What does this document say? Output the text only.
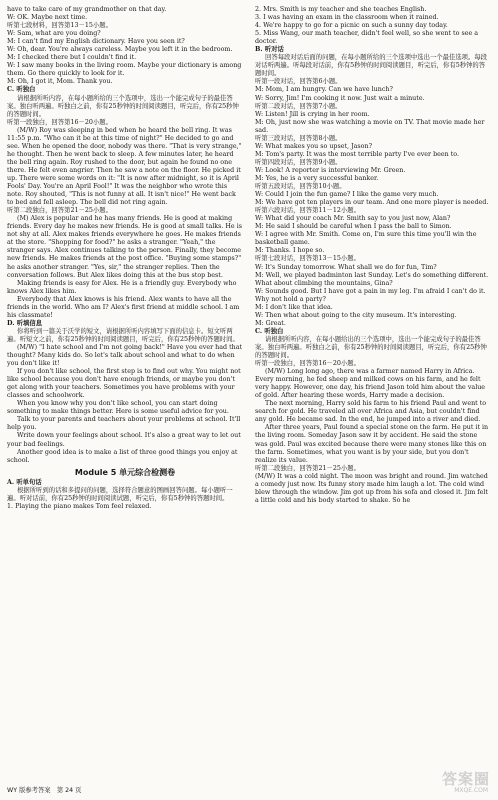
have to take care of my grandmother on that day.

W: OK. Maybe next time.

听第七段材料，回答第13－15小题。

W: Sam, what are you doing?

M: I can't find my English dictionary. Have you seen it?

W: Oh, dear. You're always careless. Maybe you left it in the bedroom.

M: I checked there but I couldn't find it.

W: I saw many books in the living room. Maybe your dictionary is among them. Go there quickly to look for it.

M: Oh, I got it, Mom. Thank you.

C. 听独白

请根据所听内容，在每小题所给的三个选项中，选出一个能完成句子的最佳答案。独白听两遍。听独白之前，你有25秒钟的时间阅读题目，听完后，你有25秒钟的答题时间。

听第一段独白，回答第16－20小题。

(M/W) Roy was sleeping in bed when he heard the bell ring. It was 11:55 p.m. "Who can it be at this time of night?" He decided to go and see. When he opened the door, nobody was there. "That is very strange," he thought. Then he went back to sleep. A few minutes later, he heard the bell ring again. Roy rushed to the door, but again he found no one there. He felt even angrier. Then he saw a note on the floor. He picked it up. There were some words on it: "It is now after midnight, so it is April Fools' Day. You're an April Fool!" It was the neighbor who wrote this note. Roy shouted, "This is not funny at all. It isn't nice!" He went back to bed and fell asleep. The bell did not ring again.

听第二段独白，回答第21－25小题。

(M) Alex is popular and he has many friends. He is good at making friends. Every day he makes new friends. He is good at small talks. He is not shy at all. Alex makes friends everywhere he goes. He makes friends at the store. "Shopping for food?" he asks a stranger. "Yeah," the stranger says. Alex continues talking to the person. Finally, they become new friends. He makes friends at the post office. "Buying some stamps?" he asks another stranger. "Yes, sir," the stranger replies. Then the conversation follows. But Alex likes doing this at the bus stop best.

Making friends is easy for Alex. He is a friendly guy. Everybody who knows Alex likes him.

Everybody that Alex knows is his friend. Alex wants to have all the friends in the world. Who am I? Alex's first friend at middle school. I am his classmate!

D. 听填信息

你将听到一篇关于沃学的短文，请根据所听内容填写下面的信息卡。短文听两遍。听短文之前，你有25秒钟的时间阅读题目，听完后，你有25秒钟的答题时间。

(M/W) "I hate school and I'm not going back!" Have you ever had that thought? Many kids do. So let's talk about school and what to do when you don't like it!

If you don't like school, the first step is to find out why. You might not like school because you don't have enough friends, or maybe you don't get along with your teachers. Sometimes you have problems with your classes and schoolwork.

When you know why you don't like school, you can start doing something to make things better. Here is some useful advice for you.

Talk to your parents and teachers about your problems at school. It'll help you.

Write down your feelings about school. It's also a great way to let out your bad feelings.

Another good idea is to make a list of three good things you enjoy at school.

Module 5 单元综合检测卷

A. 听单句话

根据所听到的话和多提问的问题，选择符合题意的图画回答问题。每小题听一遍。听对话前，你有25秒钟的时间阅读试题，听完后，你有5秒钟的答题时间。

1. Playing the piano makes Tom feel relaxed.

2. Mrs. Smith is my teacher and she teaches English.

3. I was having an exam in the classroom when it rained.

4. We're happy to go for a picnic on such a sunny day today.

5. Miss Wang, our math teacher, didn't feel well, so she went to see a doctor.

B. 听对话

回答每段对话后面的问题，在每小题所给的三个选项中选出一个最佳选项。每段对话听两遍。听每段对话前，你有5秒钟的时间阅读题目，听完后，你有5秒钟的答题时间。

听第一段对话，回答第6小题。

M: Mom, I am hungry. Can we have lunch?

W: Sorry, Jim! I'm cooking it now. Just wait a minute.

听第二段对话，回答第7小题。

W: Listen! Jill is crying in her room.

M: Oh, just now she was watching a movie on TV. That movie made her sad.

听第三段对话，回答第8小题。

W: What makes you so upset, Jason?

M: Tom's party. It was the most terrible party I've ever been to.

听第四段对话，回答第9小题。

W: Look! A reporter is interviewing Mr. Green.

M: Yes, he is a very successful banker.

听第五段对话，回答第10小题。

W: Could I join the fun game? I like the game very much.

M: We have got ten players in our team. And one more player is needed.

听第六段对话，回答第11－12小题。

W: What did your coach Mr. Smith say to you just now, Alan?

M: He said I should be careful when I pass the ball to Simon.

W: I agree with Mr. Smith. Come on, I'm sure this time you'll win the basketball game.

M: Thanks. I hope so.

听第七段对话，回答第13－15小题。

W: It's Sunday tomorrow. What shall we do for fun, Tim?

M: Well, we played badminton last Sunday. Let's do something different. What about climbing the mountains, Gina?

W: Sounds good. But I have got a pain in my leg. I'm afraid I can't do it. Why not hold a party?

M: I don't like that idea.

W: Then what about going to the city museum. It's interesting.

M: Great.

C. 听独白

请根据所听内容，在每小题给出的三个选项中，选出一个能完成句子的最佳答案。独白听两遍。听独白之前，你有25秒钟的时间阅读题目，听完后，你有25秒钟的答题时间。

听第一段独白，回答第16－20小题。

(M/W) Long long ago, there was a farmer named Harry in Africa. Every morning, he fed sheep and milked cows on his farm, and he felt very happy. However, one day, his friend Jason told him about the value of gold. After hearing these words, Harry made a decision.

The next morning, Harry sold his farm to his friend Paul and went to search for gold. He traveled all over Africa and Asia, but couldn't find any gold. He became sad. In the end, he jumped into a river and died.

After three years, Paul found a special stone on the farm. He put it in the living room. Someday Jason saw it by accident. He said the stone was gold. Paul was excited because there were many stones like this on the farm. Sometimes, what you want is by your side, but you don't realize its value.

听第二段独白，回答第21－25小题。

(M/W) It was a cold night. The moon was bright and round. Jim watched a comedy just now. Its funny story made him laugh a lot. The cold wind blew through the window. Jim got up from his sofa and closed it. Jim felt a little cold and his body started to shake. So he

WY 版参考答案　第 24 页
答案圈
MXQE.COM
